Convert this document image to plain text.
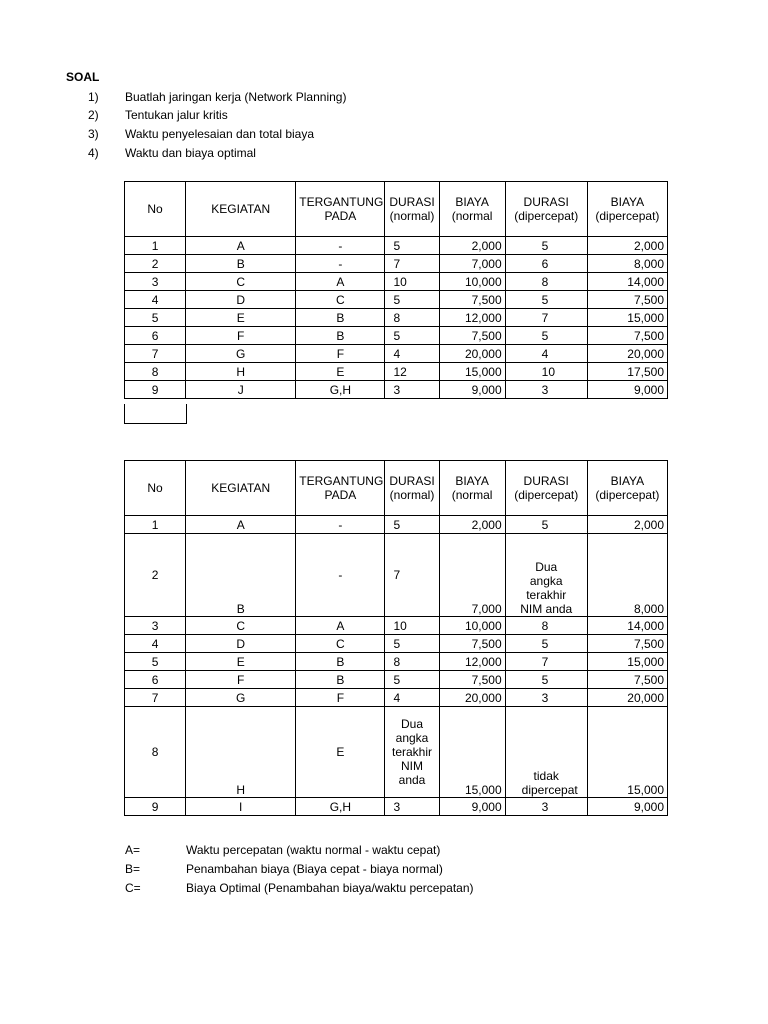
SOAL
1)	Buatlah jaringan kerja (Network Planning)
2)	Tentukan jalur kritis
3)	Waktu penyelesaian dan total biaya
4)	Waktu dan biaya optimal
No	KEGIATAN	TERGANTUNG PADA	DURASI (normal)	BIAYA (normal	DURASI (dipercepat)	BIAYA (dipercepat)
1	A	-	5	2,000	5	2,000
2	B	-	7	7,000	6	8,000
3	C	A	10	10,000	8	14,000
4	D	C	5	7,500	5	7,500
5	E	B	8	12,000	7	15,000
6	F	B	5	7,500	5	7,500
7	G	F	4	20,000	4	20,000
8	H	E	12	15,000	10	17,500
9	J	G,H	3	9,000	3	9,000
No	KEGIATAN	TERGANTUNG PADA	DURASI (normal)	BIAYA (normal	DURASI (dipercepat)	BIAYA (dipercepat)
1	A	-	5	2,000	5	2,000
2	B	-	7	7,000	Dua angka terakhir NIM anda	8,000
3	C	A	10	10,000	8	14,000
4	D	C	5	7,500	5	7,500
5	E	B	8	12,000	7	15,000
6	F	B	5	7,500	5	7,500
7	G	F	4	20,000	3	20,000
8	H	E	Dua angka terakhir NIM anda	15,000	tidak dipercepat	15,000
9	I	G,H	3	9,000	3	9,000
A=	Waktu percepatan (waktu normal - waktu cepat)
B=	Penambahan biaya (Biaya cepat - biaya normal)
C=	Biaya Optimal (Penambahan biaya/waktu percepatan)
